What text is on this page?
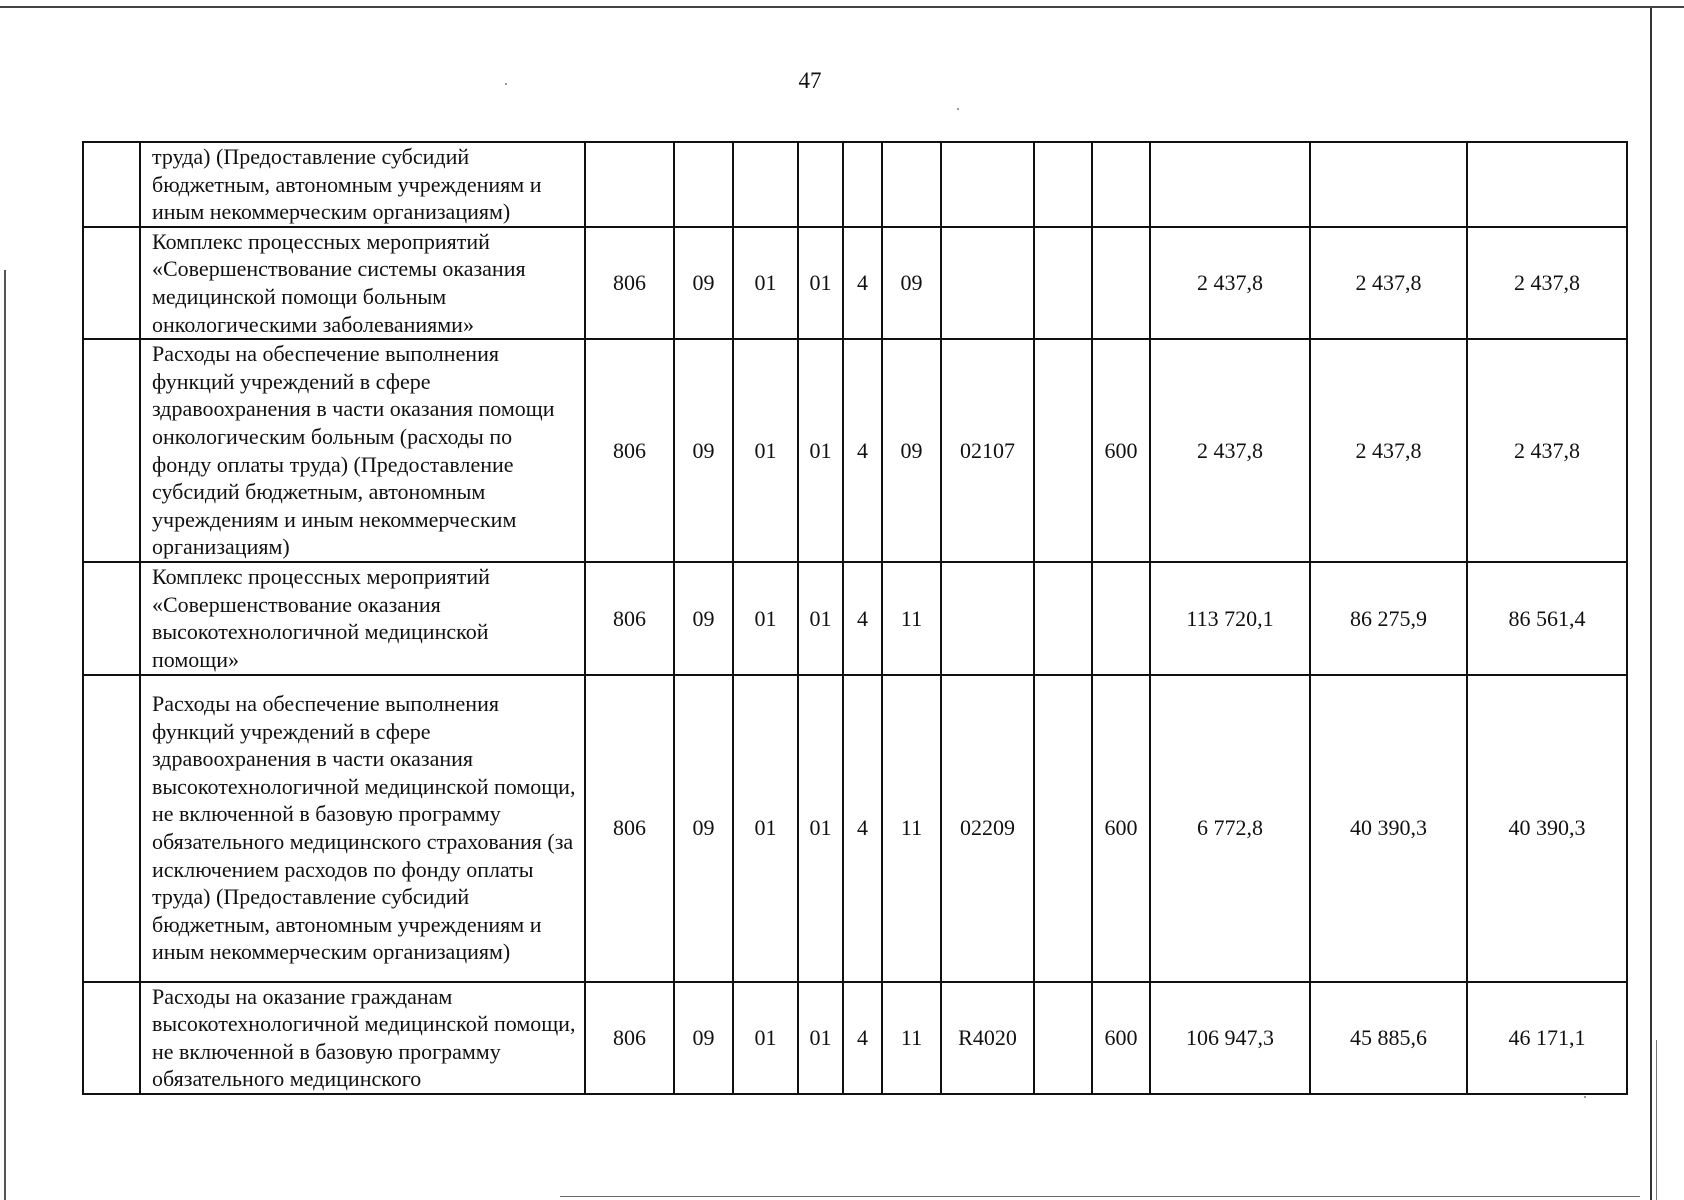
47
	труда) (Предоставление субсидий бюджетным, автономным учреждениям и иным некоммерческим организациям)												
	Комплекс процессных мероприятий «Совершенствование системы оказания медицинской помощи больным онкологическими заболеваниями»	806	09	01	01	4	09				2 437,8	2 437,8	2 437,8
	Расходы на обеспечение выполнения функций учреждений в сфере здравоохранения в части оказания помощи онкологическим больным (расходы по фонду оплаты труда) (Предоставление субсидий бюджетным, автономным учреждениям и иным некоммерческим организациям)	806	09	01	01	4	09	02107		600	2 437,8	2 437,8	2 437,8
	Комплекс процессных мероприятий «Совершенствование оказания высокотехнологичной медицинской помощи»	806	09	01	01	4	11				113 720,1	86 275,9	86 561,4
	Расходы на обеспечение выполнения функций учреждений в сфере здравоохранения в части оказания высокотехнологичной медицинской помощи, не включенной в базовую программу обязательного медицинского страхования (за исключением расходов по фонду оплаты труда) (Предоставление субсидий бюджетным, автономным учреждениям и иным некоммерческим организациям)	806	09	01	01	4	11	02209		600	6 772,8	40 390,3	40 390,3
	Расходы на оказание гражданам высокотехнологичной медицинской помощи, не включенной в базовую программу обязательного медицинского	806	09	01	01	4	11	R4020		600	106 947,3	45 885,6	46 171,1
